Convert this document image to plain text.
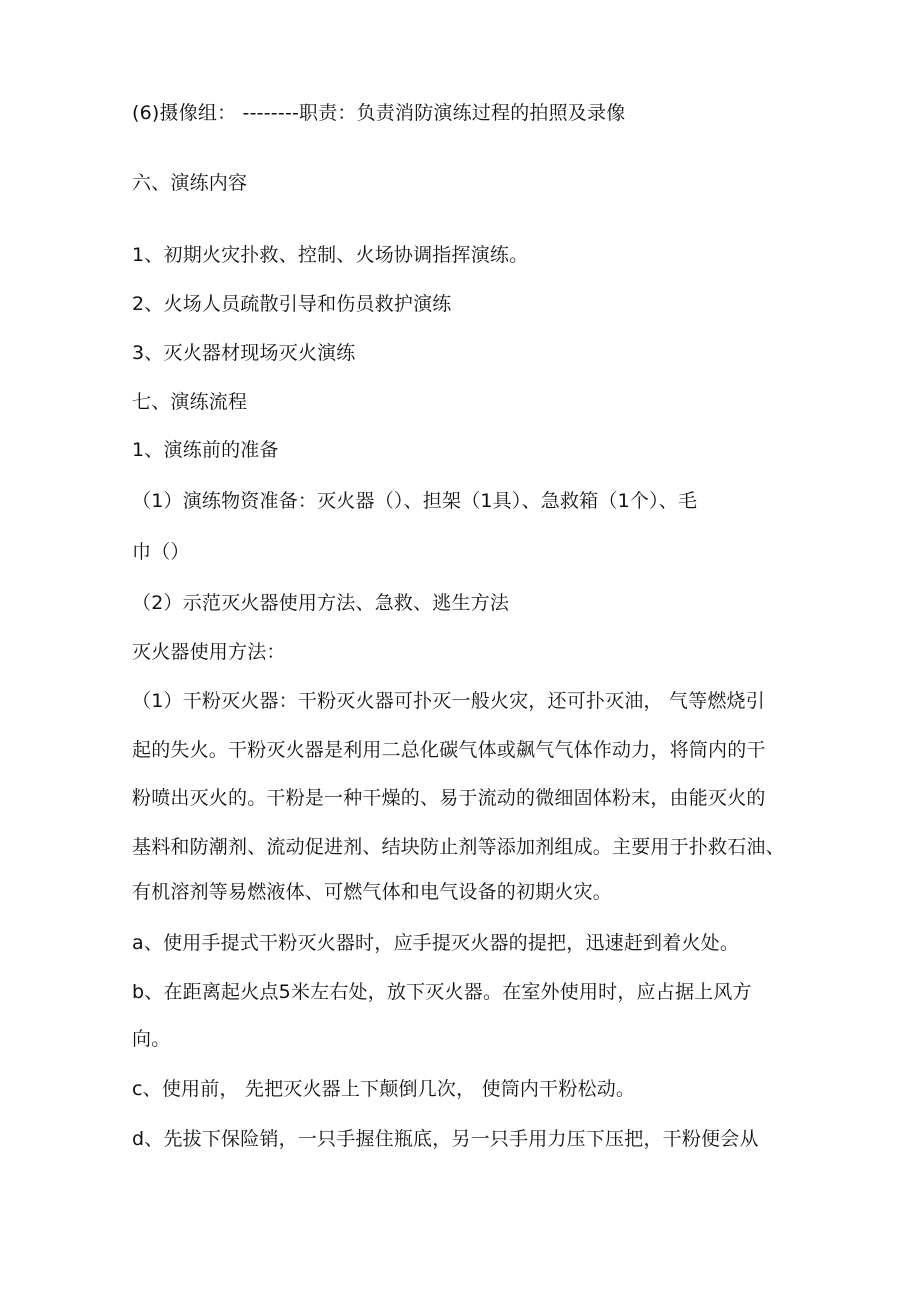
(6)摄像组： --------职责：负责消防演练过程的拍照及录像
六、演练内容
1、初期火灾扑救、控制、火场协调指挥演练。
2、火场人员疏散引导和伤员救护演练
3、灭火器材现场灭火演练
七、演练流程
1、演练前的准备
（1）演练物资准备：灭火器（）、担架（1具）、急救箱（1个）、毛
巾（）
（2）示范灭火器使用方法、急救、逃生方法
灭火器使用方法：
（1）干粉灭火器：干粉灭火器可扑灭一般火灾，还可扑灭油， 气等燃烧引
起的失火。干粉灭火器是利用二总化碳气体或飙气气体作动力，将筒内的干
粉喷出灭火的。干粉是一种干燥的、易于流动的微细固体粉末，由能灭火的
基料和防潮剂、流动促进剂、结块防止剂等添加剂组成。主要用于扑救石油、
有机溶剂等易燃液体、可燃气体和电气设备的初期火灾。
a、使用手提式干粉灭火器时，应手提灭火器的提把，迅速赶到着火处。
b、在距离起火点5米左右处，放下灭火器。在室外使用时，应占据上风方
向。
c、使用前， 先把灭火器上下颠倒几次， 使筒内干粉松动。
d、先拔下保险销，一只手握住瓶底，另一只手用力压下压把，干粉便会从
